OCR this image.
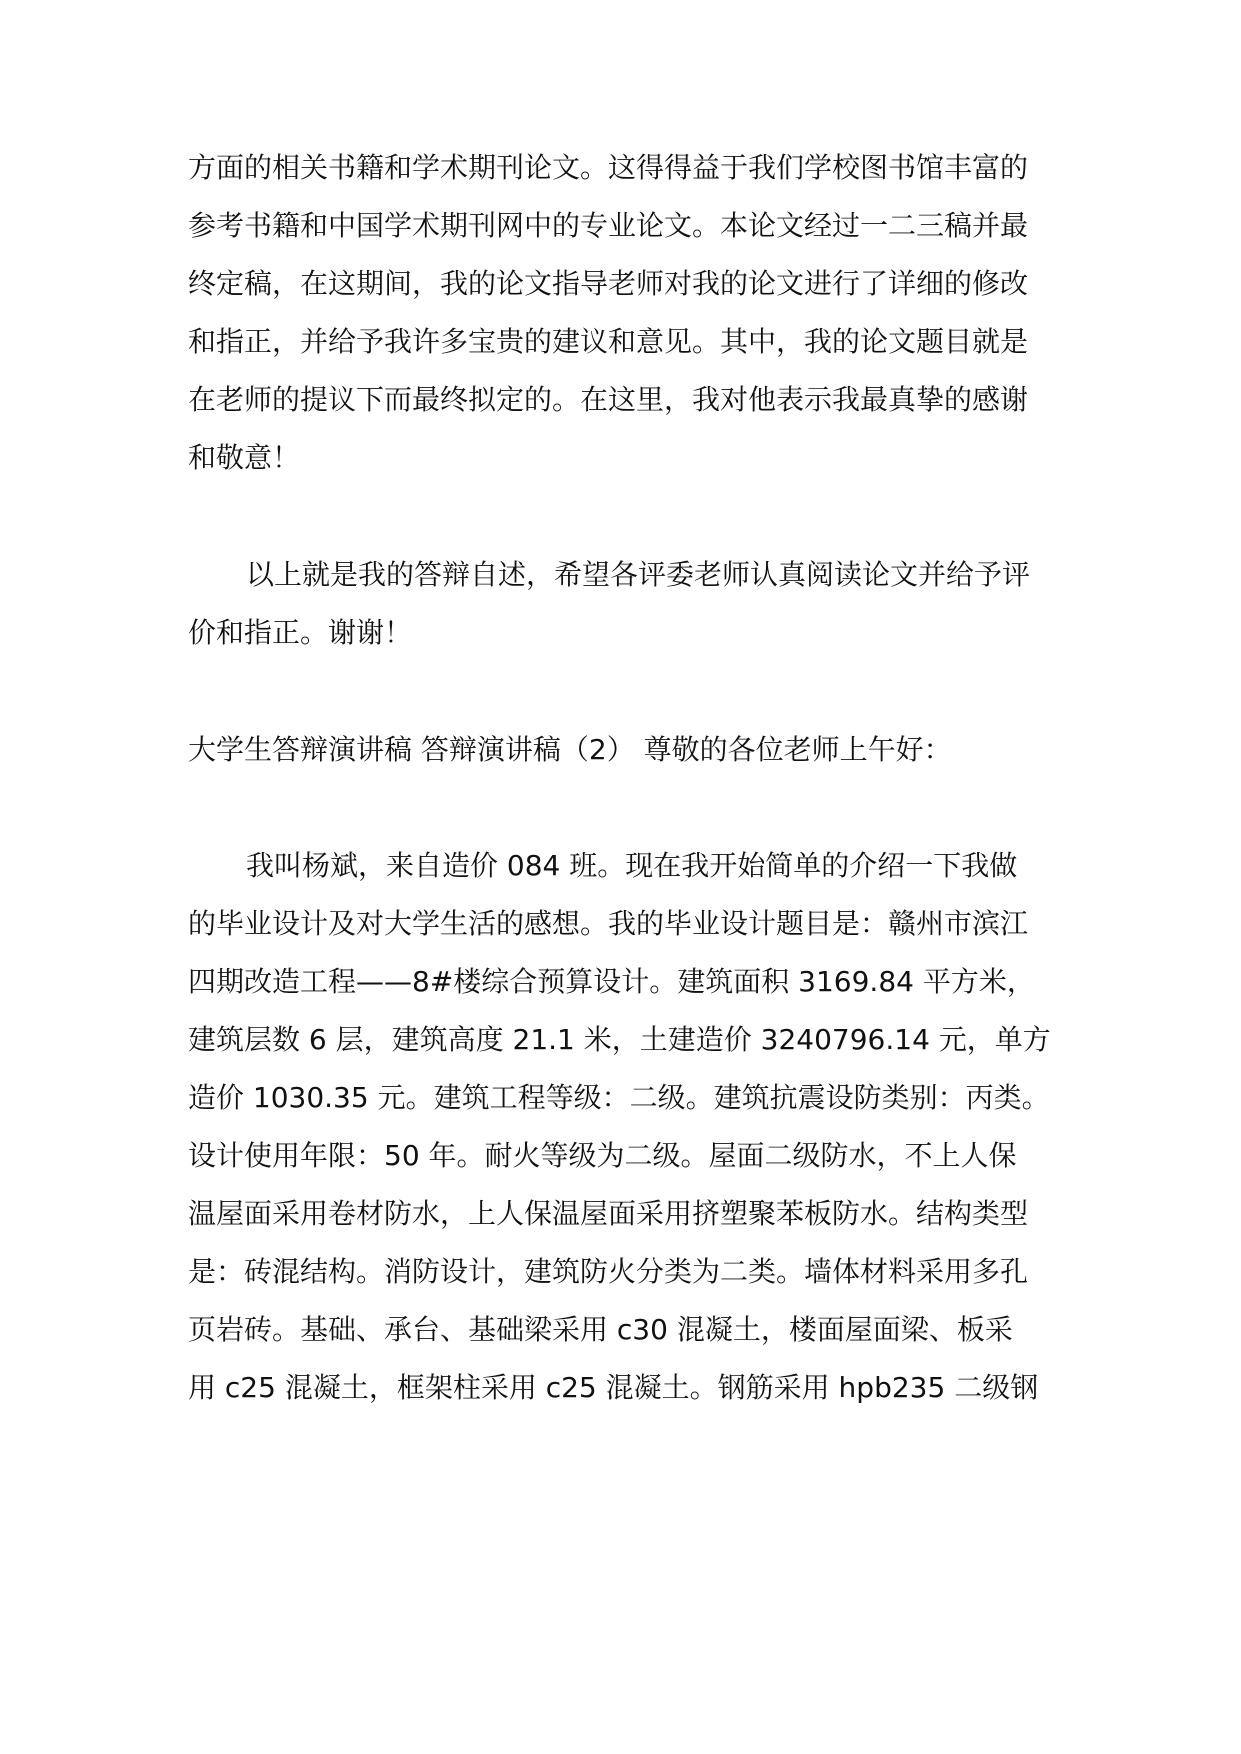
方面的相关书籍和学术期刊论文。这得得益于我们学校图书馆丰富的
参考书籍和中国学术期刊网中的专业论文。本论文经过一二三稿并最
终定稿，在这期间，我的论文指导老师对我的论文进行了详细的修改
和指正，并给予我许多宝贵的建议和意见。其中，我的论文题目就是
在老师的提议下而最终拟定的。在这里，我对他表示我最真挚的感谢
和敬意！
以上就是我的答辩自述，希望各评委老师认真阅读论文并给予评
价和指正。谢谢！
大学生答辩演讲稿 答辩演讲稿（2） 尊敬的各位老师上午好：
我叫杨斌，来自造价 084 班。现在我开始简单的介绍一下我做
的毕业设计及对大学生活的感想。我的毕业设计题目是：赣州市滨江
四期改造工程——8#楼综合预算设计。建筑面积 3169.84 平方米，
建筑层数 6 层，建筑高度 21.1 米，土建造价 3240796.14 元，单方
造价 1030.35 元。建筑工程等级：二级。建筑抗震设防类别：丙类。
设计使用年限：50 年。耐火等级为二级。屋面二级防水，不上人保
温屋面采用卷材防水，上人保温屋面采用挤塑聚苯板防水。结构类型
是：砖混结构。消防设计，建筑防火分类为二类。墙体材料采用多孔
页岩砖。基础、承台、基础梁采用 c30 混凝土，楼面屋面梁、板采
用 c25 混凝土，框架柱采用 c25 混凝土。钢筋采用 hpb235 二级钢
